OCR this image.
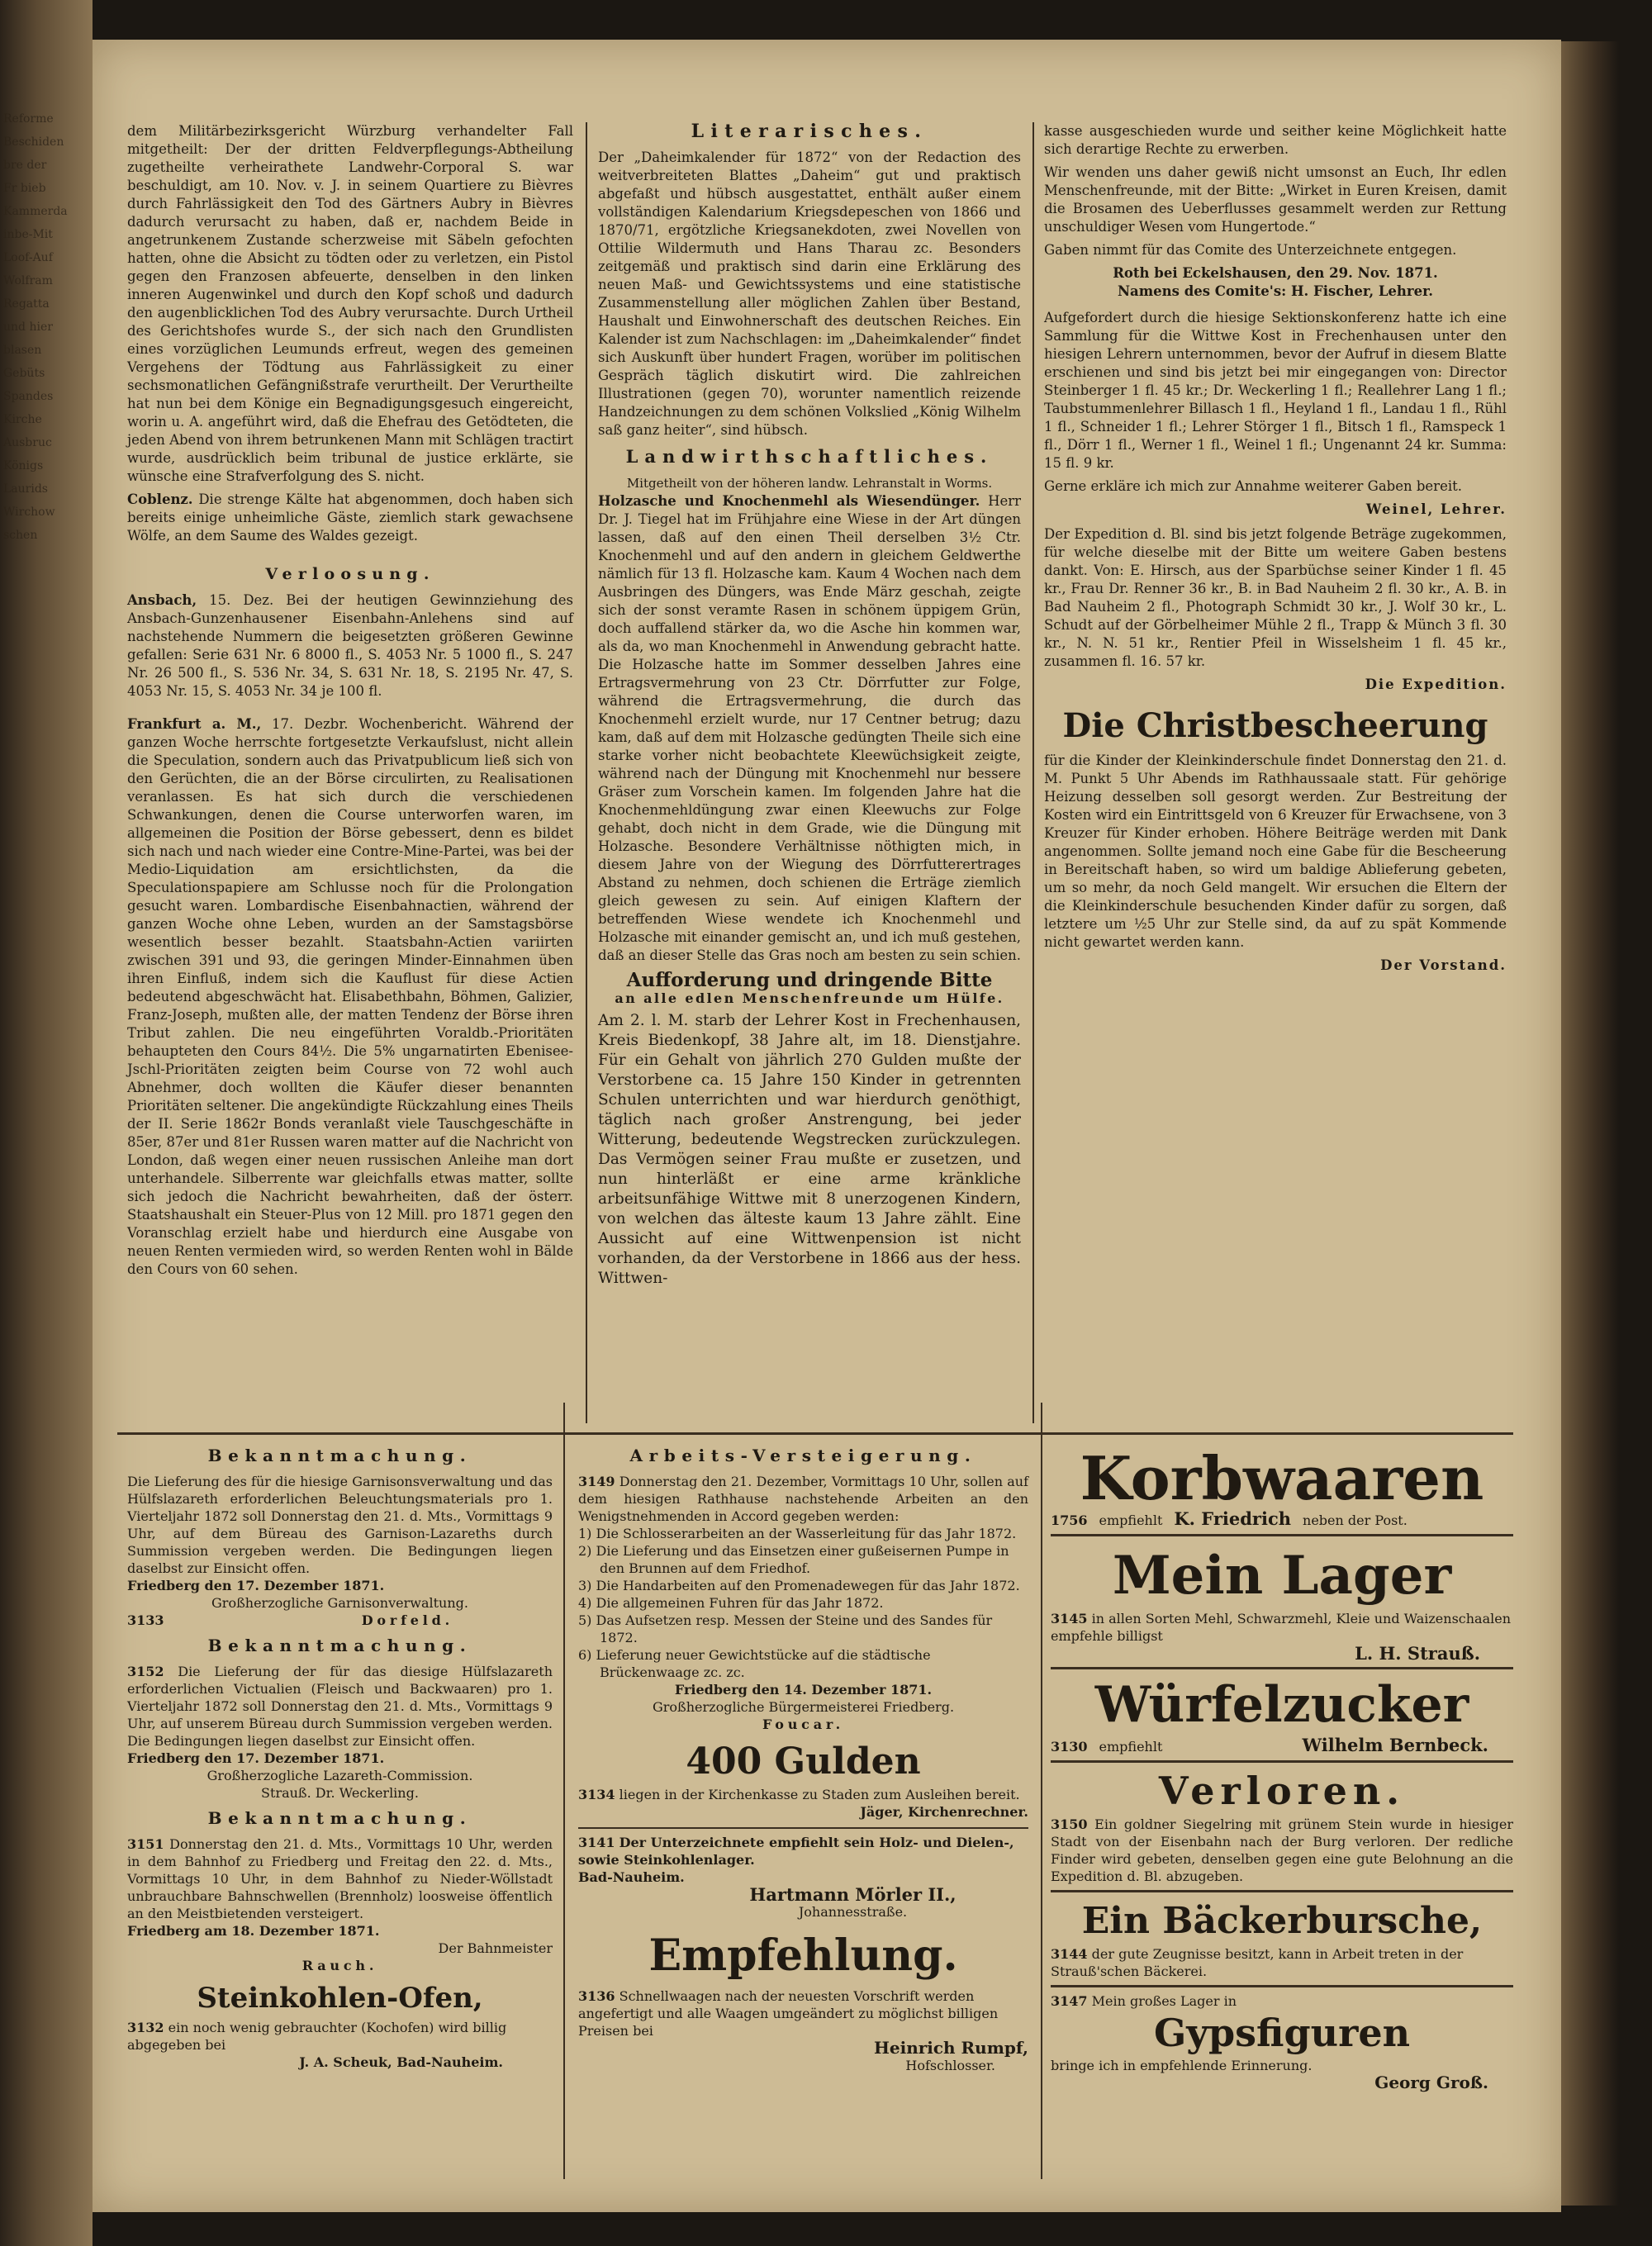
Reforme
Beschiden
bre der
Fr bieb
Kammerda
inbe-Mit
Loof-Auf
Wolfram
Regatta
und hier
blasen
Gebüts
Spandes
Kirche
Ausbruc
Königs
Laurids
Wirchow
schen

dem Militärbezirksgericht Würzburg verhandelter Fall mitgetheilt: Der der dritten Feldverpflegungs-Abtheilung zugetheilte verheirathete Landwehr-Corporal S. war beschuldigt, am 10. Nov. v. J. in seinem Quartiere zu Bièvres durch Fahrlässigkeit den Tod des Gärtners Aubry in Bièvres dadurch verursacht zu haben, daß er, nachdem Beide in angetrunkenem Zustande scherzweise mit Säbeln gefochten hatten, ohne die Absicht zu tödten oder zu verletzen, ein Pistol gegen den Franzosen abfeuerte, denselben in den linken inneren Augenwinkel und durch den Kopf schoß und dadurch den augenblicklichen Tod des Aubry verursachte. Durch Urtheil des Gerichtshofes wurde S., der sich nach den Grundlisten eines vorzüglichen Leumunds erfreut, wegen des gemeinen Vergehens der Tödtung aus Fahrlässigkeit zu einer sechsmonatlichen Gefängnißstrafe verurtheilt. Der Verurtheilte hat nun bei dem Könige ein Begnadigungsgesuch eingereicht, worin u. A. angeführt wird, daß die Ehefrau des Getödteten, die jeden Abend von ihrem betrunkenen Mann mit Schlägen tractirt wurde, ausdrücklich beim tribunal de justice erklärte, sie wünsche eine Strafverfolgung des S. nicht.

Coblenz. Die strenge Kälte hat abgenommen, doch haben sich bereits einige unheimliche Gäste, ziemlich stark gewachsene Wölfe, an dem Saume des Waldes gezeigt.

Verloosung.

Ansbach, 15. Dez. Bei der heutigen Gewinnziehung des Ansbach-Gunzenhausener Eisenbahn-Anlehens sind auf nachstehende Nummern die beigesetzten größeren Gewinne gefallen: Serie 631 Nr. 6 8000 fl., S. 4053 Nr. 5 1000 fl., S. 247 Nr. 26 500 fl., S. 536 Nr. 34, S. 631 Nr. 18, S. 2195 Nr. 47, S. 4053 Nr. 15, S. 4053 Nr. 34 je 100 fl.

Frankfurt a. M., 17. Dezbr. Wochenbericht. Während der ganzen Woche herrschte fortgesetzte Verkaufslust, nicht allein die Speculation, sondern auch das Privatpublicum ließ sich von den Gerüchten, die an der Börse circulirten, zu Realisationen veranlassen. Es hat sich durch die verschiedenen Schwankungen, denen die Course unterworfen waren, im allgemeinen die Position der Börse gebessert, denn es bildet sich nach und nach wieder eine Contre-Mine-Partei, was bei der Medio-Liquidation am ersichtlichsten, da die Speculationspapiere am Schlusse noch für die Prolongation gesucht waren. Lombardische Eisenbahnactien, während der ganzen Woche ohne Leben, wurden an der Samstagsbörse wesentlich besser bezahlt. Staatsbahn-Actien variirten zwischen 391 und 93, die geringen Minder-Einnahmen üben ihren Einfluß, indem sich die Kauflust für diese Actien bedeutend abgeschwächt hat. Elisabethbahn, Böhmen, Galizier, Franz-Joseph, mußten alle, der matten Tendenz der Börse ihren Tribut zahlen. Die neu eingeführten Voraldb.-Prioritäten behaupteten den Cours 84½. Die 5% ungarnatirten Ebenisee-Jschl-Prioritäten zeigten beim Course von 72 wohl auch Abnehmer, doch wollten die Käufer dieser benannten Prioritäten seltener. Die angekündigte Rückzahlung eines Theils der II. Serie 1862r Bonds veranlaßt viele Tauschgeschäfte in 85er, 87er und 81er Russen waren matter auf die Nachricht von London, daß wegen einer neuen russischen Anleihe man dort unterhandele. Silberrente war gleichfalls etwas matter, sollte sich jedoch die Nachricht bewahrheiten, daß der österr. Staatshaushalt ein Steuer-Plus von 12 Mill. pro 1871 gegen den Voranschlag erzielt habe und hierdurch eine Ausgabe von neuen Renten vermieden wird, so werden Renten wohl in Bälde den Cours von 60 sehen.

Literarisches.

Der „Daheimkalender für 1872“ von der Redaction des weitverbreiteten Blattes „Daheim“ gut und praktisch abgefaßt und hübsch ausgestattet, enthält außer einem vollständigen Kalendarium Kriegsdepeschen von 1866 und 1870/71, ergötzliche Kriegsanekdoten, zwei Novellen von Ottilie Wildermuth und Hans Tharau zc. Besonders zeitgemäß und praktisch sind darin eine Erklärung des neuen Maß- und Gewichtssystems und eine statistische Zusammenstellung aller möglichen Zahlen über Bestand, Haushalt und Einwohnerschaft des deutschen Reiches. Ein Kalender ist zum Nachschlagen: im „Daheimkalender“ findet sich Auskunft über hundert Fragen, worüber im politischen Gespräch täglich diskutirt wird. Die zahlreichen Illustrationen (gegen 70), worunter namentlich reizende Handzeichnungen zu dem schönen Volkslied „König Wilhelm saß ganz heiter“, sind hübsch.

Landwirthschaftliches.
Mitgetheilt von der höheren landw. Lehranstalt in Worms.

Holzasche und Knochenmehl als Wiesendünger. Herr Dr. J. Tiegel hat im Frühjahre eine Wiese in der Art düngen lassen, daß auf den einen Theil derselben 3½ Ctr. Knochenmehl und auf den andern in gleichem Geldwerthe nämlich für 13 fl. Holzasche kam. Kaum 4 Wochen nach dem Ausbringen des Düngers, was Ende März geschah, zeigte sich der sonst veramte Rasen in schönem üppigem Grün, doch auffallend stärker da, wo die Asche hin kommen war, als da, wo man Knochenmehl in Anwendung gebracht hatte. Die Holzasche hatte im Sommer desselben Jahres eine Ertragsvermehrung von 23 Ctr. Dörrfutter zur Folge, während die Ertragsvermehrung, die durch das Knochenmehl erzielt wurde, nur 17 Centner betrug; dazu kam, daß auf dem mit Holzasche gedüngten Theile sich eine starke vorher nicht beobachtete Kleewüchsigkeit zeigte, während nach der Düngung mit Knochenmehl nur bessere Gräser zum Vorschein kamen. Im folgenden Jahre hat die Knochenmehldüngung zwar einen Kleewuchs zur Folge gehabt, doch nicht in dem Grade, wie die Düngung mit Holzasche. Besondere Verhältnisse nöthigten mich, in diesem Jahre von der Wiegung des Dörrfutterertrages Abstand zu nehmen, doch schienen die Erträge ziemlich gleich gewesen zu sein. Auf einigen Klaftern der betreffenden Wiese wendete ich Knochenmehl und Holzasche mit einander gemischt an, und ich muß gestehen, daß an dieser Stelle das Gras noch am besten zu sein schien.

Aufforderung und dringende Bitte
an alle edlen Menschenfreunde um Hülfe.

Am 2. l. M. starb der Lehrer Kost in Frechenhausen, Kreis Biedenkopf, 38 Jahre alt, im 18. Dienstjahre. Für ein Gehalt von jährlich 270 Gulden mußte der Verstorbene ca. 15 Jahre 150 Kinder in getrennten Schulen unterrichten und war hierdurch genöthigt, täglich nach großer Anstrengung, bei jeder Witterung, bedeutende Wegstrecken zurückzulegen. Das Vermögen seiner Frau mußte er zusetzen, und nun hinterläßt er eine arme kränkliche arbeitsunfähige Wittwe mit 8 unerzogenen Kindern, von welchen das älteste kaum 13 Jahre zählt. Eine Aussicht auf eine Wittwenpension ist nicht vorhanden, da der Verstorbene in 1866 aus der hess. Wittwen-

kasse ausgeschieden wurde und seither keine Möglichkeit hatte sich derartige Rechte zu erwerben.

Wir wenden uns daher gewiß nicht umsonst an Euch, Ihr edlen Menschenfreunde, mit der Bitte: „Wirket in Euren Kreisen, damit die Brosamen des Ueberflusses gesammelt werden zur Rettung unschuldiger Wesen vom Hungertode.“

Gaben nimmt für das Comite des Unterzeichnete entgegen.

Roth bei Eckelshausen, den 29. Nov. 1871.
Namens des Comite's: H. Fischer, Lehrer.

Aufgefordert durch die hiesige Sektionskonferenz hatte ich eine Sammlung für die Wittwe Kost in Frechenhausen unter den hiesigen Lehrern unternommen, bevor der Aufruf in diesem Blatte erschienen und sind bis jetzt bei mir eingegangen von: Director Steinberger 1 fl. 45 kr.; Dr. Weckerling 1 fl.; Reallehrer Lang 1 fl.; Taubstummenlehrer Billasch 1 fl., Heyland 1 fl., Landau 1 fl., Rühl 1 fl., Schneider 1 fl.; Lehrer Störger 1 fl., Bitsch 1 fl., Ramspeck 1 fl., Dörr 1 fl., Werner 1 fl., Weinel 1 fl.; Ungenannt 24 kr. Summa: 15 fl. 9 kr.

Gerne erkläre ich mich zur Annahme weiterer Gaben bereit.

Weinel, Lehrer.

Der Expedition d. Bl. sind bis jetzt folgende Beträge zugekommen, für welche dieselbe mit der Bitte um weitere Gaben bestens dankt. Von: E. Hirsch, aus der Sparbüchse seiner Kinder 1 fl. 45 kr., Frau Dr. Renner 36 kr., B. in Bad Nauheim 2 fl. 30 kr., A. B. in Bad Nauheim 2 fl., Photograph Schmidt 30 kr., J. Wolf 30 kr., L. Schudt auf der Görbelheimer Mühle 2 fl., Trapp & Münch 3 fl. 30 kr., N. N. 51 kr., Rentier Pfeil in Wisselsheim 1 fl. 45 kr., zusammen fl. 16. 57 kr.

Die Expedition.
Die Christbescheerung

für die Kinder der Kleinkinderschule findet Donnerstag den 21. d. M. Punkt 5 Uhr Abends im Rathhaussaale statt. Für gehörige Heizung desselben soll gesorgt werden. Zur Bestreitung der Kosten wird ein Eintrittsgeld von 6 Kreuzer für Erwachsene, von 3 Kreuzer für Kinder erhoben. Höhere Beiträge werden mit Dank angenommen. Sollte jemand noch eine Gabe für die Bescheerung in Bereitschaft haben, so wird um baldige Ablieferung gebeten, um so mehr, da noch Geld mangelt. Wir ersuchen die Eltern der die Kleinkinderschule besuchenden Kinder dafür zu sorgen, daß letztere um ½5 Uhr zur Stelle sind, da auf zu spät Kommende nicht gewartet werden kann.

Der Vorstand.
Bekanntmachung.
Die Lieferung des für die hiesige Garnisonsverwaltung und das Hülfslazareth erforderlichen Beleuchtungsmaterials pro 1. Vierteljahr 1872 soll Donnerstag den 21. d. Mts., Vormittags 9 Uhr, auf dem Büreau des Garnison-Lazareths durch Summission vergeben werden. Die Bedingungen liegen daselbst zur Einsicht offen.
Friedberg den 17. Dezember 1871.
Großherzogliche Garnisonverwaltung.
3133	Dorfeld.
Bekanntmachung.
3152 Die Lieferung der für das diesige Hülfslazareth erforderlichen Victualien (Fleisch und Backwaaren) pro 1. Vierteljahr 1872 soll Donnerstag den 21. d. Mts., Vormittags 9 Uhr, auf unserem Büreau durch Summission vergeben werden. Die Bedingungen liegen daselbst zur Einsicht offen.
Friedberg den 17. Dezember 1871.
Großherzogliche Lazareth-Commission.
Strauß. Dr. Weckerling.
Bekanntmachung.
3151 Donnerstag den 21. d. Mts., Vormittags 10 Uhr, werden in dem Bahnhof zu Friedberg und Freitag den 22. d. Mts., Vormittags 10 Uhr, in dem Bahnhof zu Nieder-Wöllstadt unbrauchbare Bahnschwellen (Brennholz) loosweise öffentlich an den Meistbietenden versteigert.
Friedberg am 18. Dezember 1871.
Der Bahnmeister
Rauch.
Steinkohlen-Ofen,
3132 ein noch wenig gebrauchter (Kochofen) wird billig abgegeben bei
J. A. Scheuk, Bad-Nauheim.
Arbeits-Versteigerung.
3149 Donnerstag den 21. Dezember, Vormittags 10 Uhr, sollen auf dem hiesigen Rathhause nachstehende Arbeiten an den Wenigstnehmenden in Accord gegeben werden:
1) Die Schlosserarbeiten an der Wasserleitung für das Jahr 1872.
2) Die Lieferung und das Einsetzen einer gußeisernen Pumpe in den Brunnen auf dem Friedhof.
3) Die Handarbeiten auf den Promenadewegen für das Jahr 1872.
4) Die allgemeinen Fuhren für das Jahr 1872.
5) Das Aufsetzen resp. Messen der Steine und des Sandes für 1872.
6) Lieferung neuer Gewichtstücke auf die städtische Brückenwaage zc. zc.
Friedberg den 14. Dezember 1871.
Großherzogliche Bürgermeisterei Friedberg.
Foucar.
400 Gulden
3134 liegen in der Kirchenkasse zu Staden zum Ausleihen bereit.
Jäger, Kirchenrechner.
3141 Der Unterzeichnete empfiehlt sein Holz- und Dielen-, sowie Steinkohlenlager.
Bad-Nauheim.
Hartmann Mörler II.,
Johannesstraße.
Empfehlung.
3136 Schnellwaagen nach der neuesten Vorschrift werden angefertigt und alle Waagen umgeändert zu möglichst billigen Preisen bei
Heinrich Rumpf,
Hofschlosser.
Korbwaaren
1756 empfiehlt K. Friedrich neben der Post.
Mein Lager
3145 in allen Sorten Mehl, Schwarzmehl, Kleie und Waizenschaalen empfehle billigst
L. H. Strauß.
Würfelzucker
3130 empfiehlt	Wilhelm Bernbeck.
Verloren.
3150 Ein goldner Siegelring mit grünem Stein wurde in hiesiger Stadt von der Eisenbahn nach der Burg verloren. Der redliche Finder wird gebeten, denselben gegen eine gute Belohnung an die Expedition d. Bl. abzugeben.
Ein Bäckerbursche,
3144 der gute Zeugnisse besitzt, kann in Arbeit treten in der Strauß'schen Bäckerei.
3147 Mein großes Lager in
Gypsfiguren
bringe ich in empfehlende Erinnerung.
Georg Groß.
